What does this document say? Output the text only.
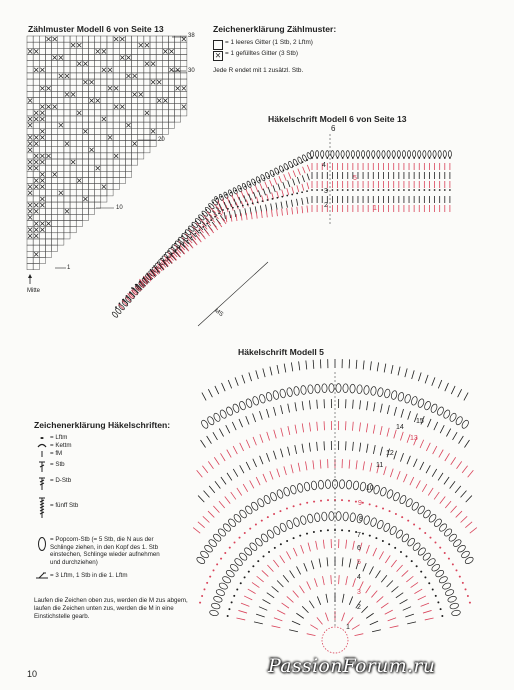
Zählmuster Modell 6 von Seite 13
38
30
20
10
1
Mitte
Zeichenerklärung Zählmuster:
= 1 leeres Gitter (1 Stb, 2 Lftm)
⨯ = 1 gefülltes Gitter (3 Stb)
Jede R endet mit 1 zusätzl. Stb.
Häkelschrift Modell 6 von Seite 13
6
5
4
3
2	1
MS
Häkelschrift Modell 5
15
14
13
12
11
10
9
8
7
6
5
4
3
2
1
Zeichenerklärung Häkelschriften:
= Lftm
= Kettm
= fM
= Stb
= D-Stb
= fünff Stb
= Popcorn-Stb (= 5 Stb, die N aus der Schlinge ziehen, in den Kopf des 1. Stb einstechen, Schlinge wieder aufnehmen und durchziehen)
= 3 Lftm, 1 Stb in die 1. Lftm
Laufen die Zeichen oben zus, werden die M zus abgem, laufen die Zeichen unten zus, werden die M in eine Einstichstelle gearb.
10	PassionForum.ru
